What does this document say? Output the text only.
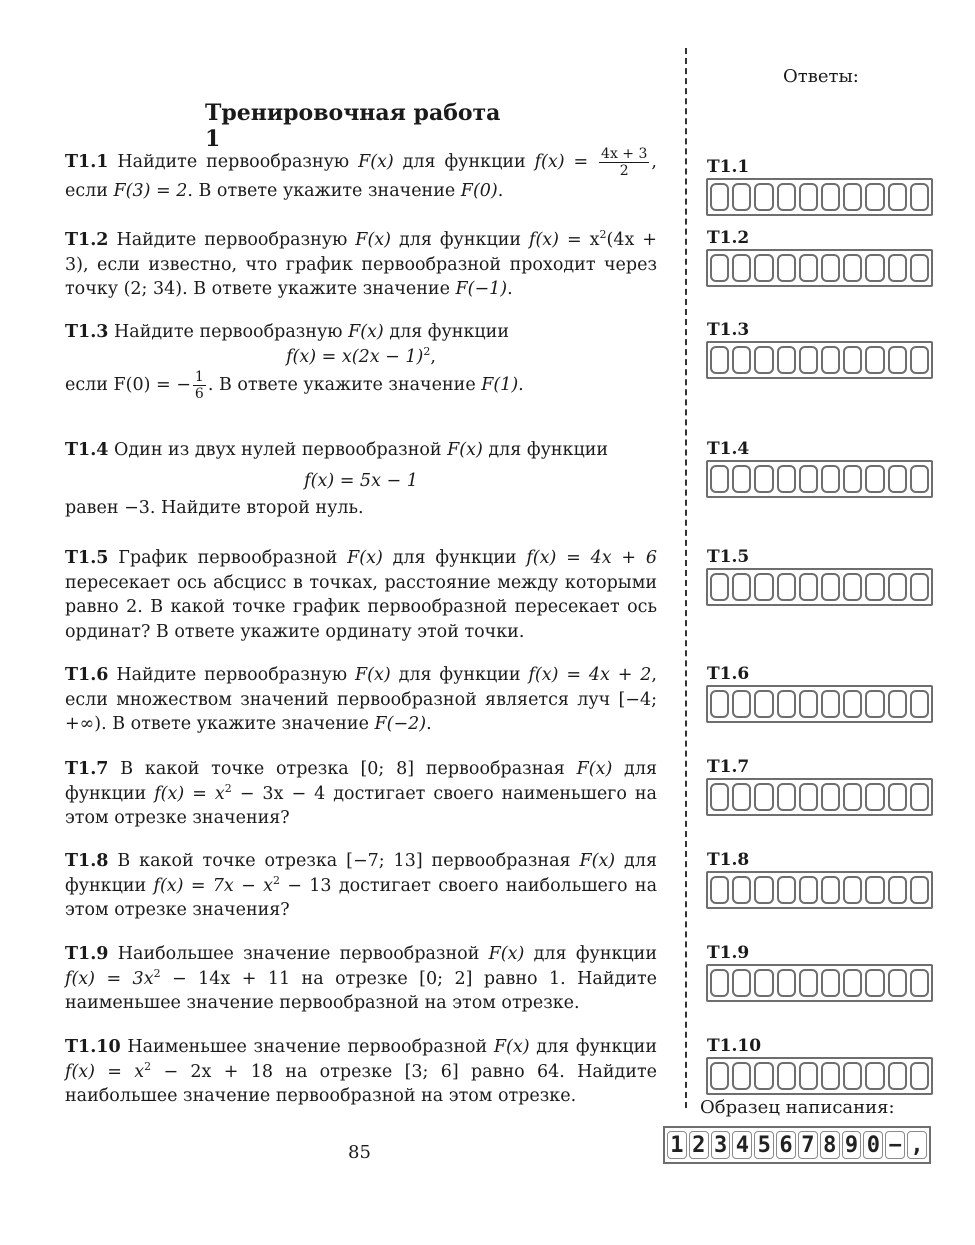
Тренировочная работа 1
T1.1 Найдите первообразную F(x) для функции $f(x) = \frac{4x + 3}{2}$ , если F(3) = 2. В ответе укажите значение F(0).
T1.2 Найдите первообразную F(x) для функции $f(x) = x^2(4x + 3)$, если известно, что график первообразной проходит через точку (2; 34). В ответе укажите значение F(−1).
T1.3 Найдите первообразную F(x) для функции
$f(x) = x(2x - 1)^2$,
если F(0) = − $\frac{1}{6}$ . В ответе укажите значение F(1).
T1.4 Один из двух нулей первообразной F(x) для функции
f(x) = 5x − 1
равен −3. Найдите второй нуль.
T1.5 График первообразной F(x) для функции f(x) = 4x + 6 пересекает ось абсцисс в точках, расстояние между которыми равно 2. В какой точке график первообразной пересекает ось ординат? В ответе укажите ординату этой точки.
T1.6 Найдите первообразную F(x) для функции f(x) = 4x + 2, если множеством значений первообразной является луч [−4; +∞). В ответе укажите значение F(−2).
T1.7 В какой точке отрезка [0; 8] первообразная F(x) для функции $f(x) = x^2 - 3x - 4$ достигает своего наименьшего на этом отрезке значения?
T1.8 В какой точке отрезка [−7; 13] первообразная F(x) для функции $f(x) = 7x - x^2 - 13$ достигает своего наибольшего на этом отрезке значения?
T1.9 Наибольшее значение первообразной F(x) для функции $f(x) = 3x^2 - 14x + 11$ на отрезке [0; 2] равно 1. Найдите наименьшее значение первообразной на этом отрезке.
T1.10 Наименьшее значение первообразной F(x) для функции $f(x) = x^2 - 2x + 18$ на отрезке [3; 6] равно 64. Найдите наибольшее значение первообразной на этом отрезке.
Ответы:
T1.1
T1.2
T1.3
T1.4
T1.5
T1.6
T1.7
T1.8
T1.9
T1.10
Образец написания:
1 2 3 4 5 6 7 8 9 0 − ,
85
